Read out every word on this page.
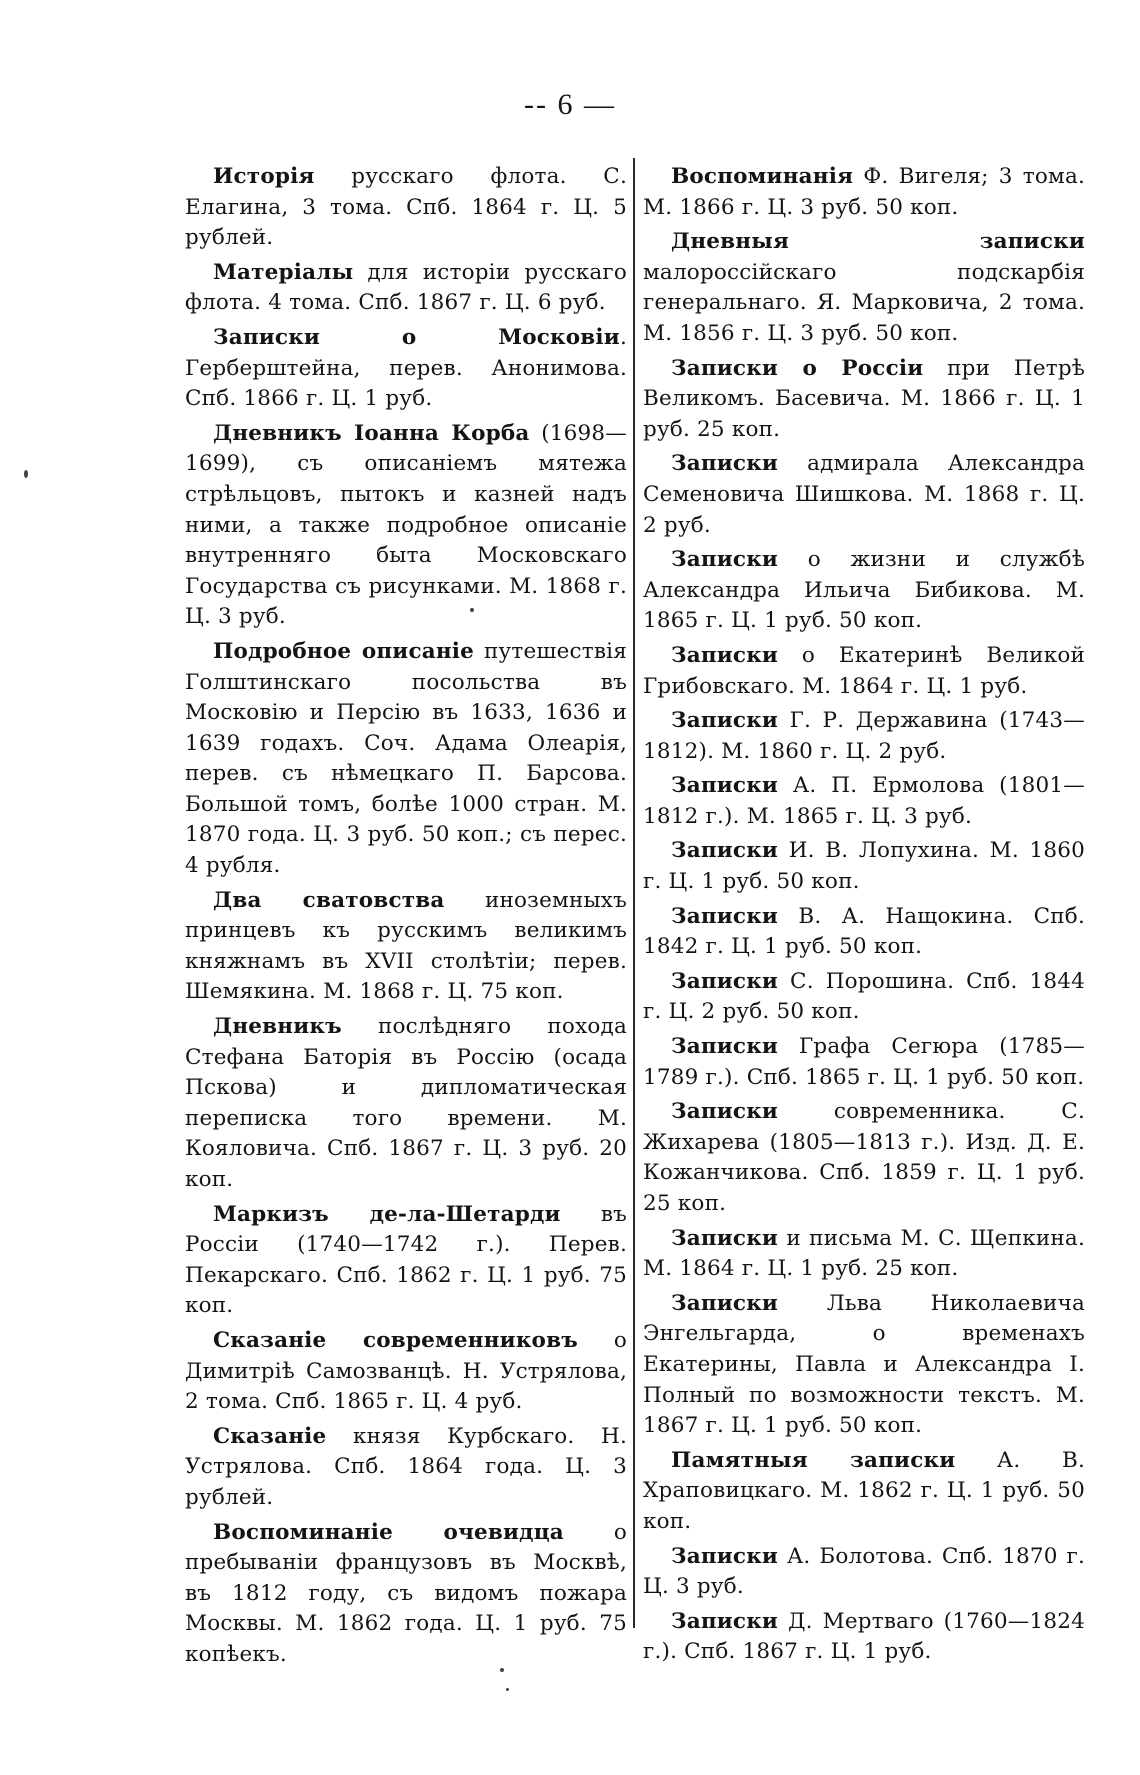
-- 6 —

Исторія русскаго флота. С. Елагина, 3 тома. Спб. 1864 г. Ц. 5 рублей.

Матеріалы для исторіи русскаго флота. 4 тома. Спб. 1867 г. Ц. 6 руб.

Записки о Московіи. Герберштейна, перев. Анонимова. Спб. 1866 г. Ц. 1 руб.

Дневникъ Іоанна Корба (1698—1699), съ описаніемъ мятежа стрѣльцовъ, пытокъ и казней надъ ними, а также подробное описаніе внутренняго быта Московскаго Государства съ рисунками. М. 1868 г. Ц. 3 руб.

Подробное описаніе путешествія Голштинскаго посольства въ Московію и Персію въ 1633, 1636 и 1639 годахъ. Соч. Адама Олеарія, перев. съ нѣмецкаго П. Барсова. Большой томъ, болѣе 1000 стран. М. 1870 года. Ц. 3 руб. 50 коп.; съ перес. 4 рубля.

Два сватовства иноземныхъ принцевъ къ русскимъ великимъ княжнамъ въ XVII столѣтіи; перев. Шемякина. М. 1868 г. Ц. 75 коп.

Дневникъ послѣдняго похода Стефана Баторія въ Россію (осада Пскова) и дипломатическая переписка того времени. М. Кояловича. Спб. 1867 г. Ц. 3 руб. 20 коп.

Маркизъ де-ла-Шетарди въ Россіи (1740—1742 г.). Перев. Пекарскаго. Спб. 1862 г. Ц. 1 руб. 75 коп.

Сказаніе современниковъ о Димитріѣ Самозванцѣ. Н. Устрялова, 2 тома. Спб. 1865 г. Ц. 4 руб.

Сказаніе князя Курбскаго. Н. Устрялова. Спб. 1864 года. Ц. 3 рублей.

Воспоминаніе очевидца о пребываніи французовъ въ Москвѣ, въ 1812 году, съ видомъ пожара Москвы. М. 1862 года. Ц. 1 руб. 75 копѣекъ.

Воспоминанія Ф. Вигеля; 3 тома. М. 1866 г. Ц. 3 руб. 50 коп.

Дневныя записки малороссійскаго подскарбія генеральнаго. Я. Марковича, 2 тома. М. 1856 г. Ц. 3 руб. 50 коп.

Записки о Россіи при Петрѣ Великомъ. Басевича. М. 1866 г. Ц. 1 руб. 25 коп.

Записки адмирала Александра Семеновича Шишкова. М. 1868 г. Ц. 2 руб.

Записки о жизни и службѣ Александра Ильича Бибикова. М. 1865 г. Ц. 1 руб. 50 коп.

Записки о Екатеринѣ Великой Грибовскаго. М. 1864 г. Ц. 1 руб.

Записки Г. Р. Державина (1743—1812). М. 1860 г. Ц. 2 руб.

Записки А. П. Ермолова (1801—1812 г.). М. 1865 г. Ц. 3 руб.

Записки И. В. Лопухина. М. 1860 г. Ц. 1 руб. 50 коп.

Записки В. А. Нащокина. Спб. 1842 г. Ц. 1 руб. 50 коп.

Записки С. Порошина. Спб. 1844 г. Ц. 2 руб. 50 коп.

Записки Графа Сегюра (1785—1789 г.). Спб. 1865 г. Ц. 1 руб. 50 коп.

Записки современника. С. Жихарева (1805—1813 г.). Изд. Д. Е. Кожанчикова. Спб. 1859 г. Ц. 1 руб. 25 коп.

Записки и письма М. С. Щепкина. М. 1864 г. Ц. 1 руб. 25 коп.

Записки Льва Николаевича Энгельгарда, о временахъ Екатерины, Павла и Александра I. Полный по возможности текстъ. М. 1867 г. Ц. 1 руб. 50 коп.

Памятныя записки А. В. Храповицкаго. М. 1862 г. Ц. 1 руб. 50 коп.

Записки А. Болотова. Спб. 1870 г. Ц. 3 руб.

Записки Д. Мертваго (1760—1824 г.). Спб. 1867 г. Ц. 1 руб.
